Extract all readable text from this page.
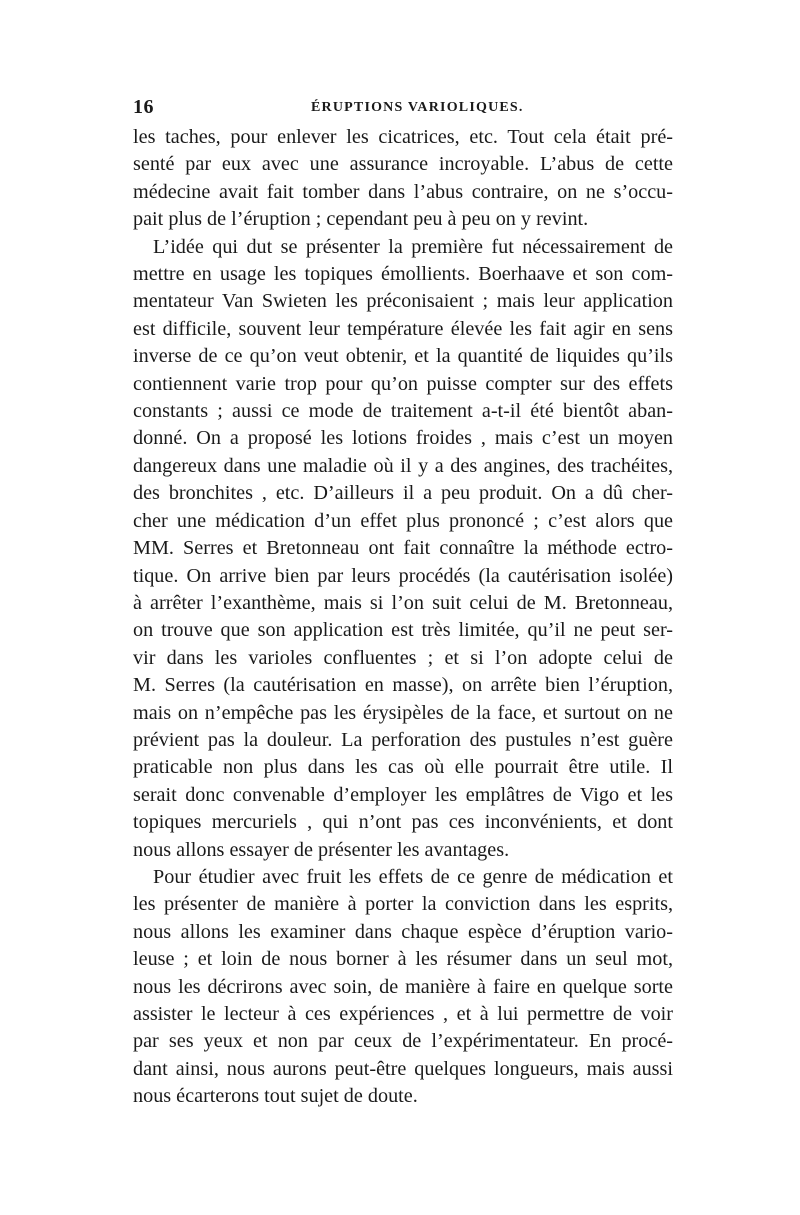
16	ÉRUPTIONS VARIOLIQUES.

les taches, pour enlever les cicatrices, etc. Tout cela était pré-
senté par eux avec une assurance incroyable. L’abus de cette
médecine avait fait tomber dans l’abus contraire, on ne s’occu-
pait plus de l’éruption ; cependant peu à peu on y revint.

L’idée qui dut se présenter la première fut nécessairement de
mettre en usage les topiques émollients. Boerhaave et son com-
mentateur Van Swieten les préconisaient ; mais leur application
est difficile, souvent leur température élevée les fait agir en sens
inverse de ce qu’on veut obtenir, et la quantité de liquides qu’ils
contiennent varie trop pour qu’on puisse compter sur des effets
constants ; aussi ce mode de traitement a-t-il été bientôt aban-
donné. On a proposé les lotions froides , mais c’est un moyen
dangereux dans une maladie où il y a des angines, des trachéites,
des bronchites , etc. D’ailleurs il a peu produit. On a dû cher-
cher une médication d’un effet plus prononcé ; c’est alors que
MM. Serres et Bretonneau ont fait connaître la méthode ectro-
tique. On arrive bien par leurs procédés (la cautérisation isolée)
à arrêter l’exanthème, mais si l’on suit celui de M. Bretonneau,
on trouve que son application est très limitée, qu’il ne peut ser-
vir dans les varioles confluentes ; et si l’on adopte celui de
M. Serres (la cautérisation en masse), on arrête bien l’éruption,
mais on n’empêche pas les érysipèles de la face, et surtout on ne
prévient pas la douleur. La perforation des pustules n’est guère
praticable non plus dans les cas où elle pourrait être utile. Il
serait donc convenable d’employer les emplâtres de Vigo et les
topiques mercuriels , qui n’ont pas ces inconvénients, et dont
nous allons essayer de présenter les avantages.

Pour étudier avec fruit les effets de ce genre de médication et
les présenter de manière à porter la conviction dans les esprits,
nous allons les examiner dans chaque espèce d’éruption vario-
leuse ; et loin de nous borner à les résumer dans un seul mot,
nous les décrirons avec soin, de manière à faire en quelque sorte
assister le lecteur à ces expériences , et à lui permettre de voir
par ses yeux et non par ceux de l’expérimentateur. En procé-
dant ainsi, nous aurons peut-être quelques longueurs, mais aussi
nous écarterons tout sujet de doute.
